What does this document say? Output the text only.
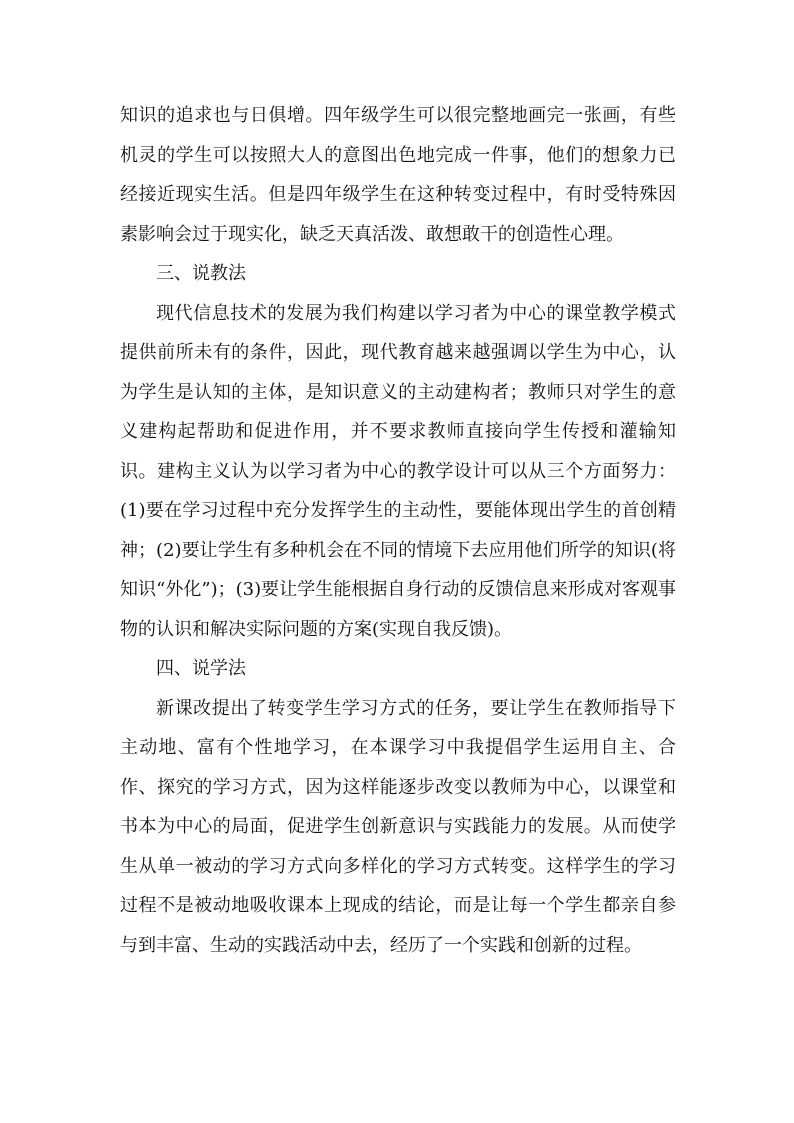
知识的追求也与日俱增。四年级学生可以很完整地画完一张画，有些机灵的学生可以按照大人的意图出色地完成一件事，他们的想象力已经接近现实生活。但是四年级学生在这种转变过程中，有时受特殊因素影响会过于现实化，缺乏天真活泼、敢想敢干的创造性心理。

三、说教法

现代信息技术的发展为我们构建以学习者为中心的课堂教学模式提供前所未有的条件，因此，现代教育越来越强调以学生为中心，认为学生是认知的主体，是知识意义的主动建构者；教师只对学生的意义建构起帮助和促进作用，并不要求教师直接向学生传授和灌输知识。建构主义认为以学习者为中心的教学设计可以从三个方面努力：(1)要在学习过程中充分发挥学生的主动性，要能体现出学生的首创精神；(2)要让学生有多种机会在不同的情境下去应用他们所学的知识(将知识“外化”)；(3)要让学生能根据自身行动的反馈信息来形成对客观事物的认识和解决实际问题的方案(实现自我反馈)。

四、说学法

新课改提出了转变学生学习方式的任务，要让学生在教师指导下主动地、富有个性地学习，在本课学习中我提倡学生运用自主、合作、探究的学习方式，因为这样能逐步改变以教师为中心，以课堂和书本为中心的局面，促进学生创新意识与实践能力的发展。从而使学生从单一被动的学习方式向多样化的学习方式转变。这样学生的学习过程不是被动地吸收课本上现成的结论，而是让每一个学生都亲自参与到丰富、生动的实践活动中去，经历了一个实践和创新的过程。
